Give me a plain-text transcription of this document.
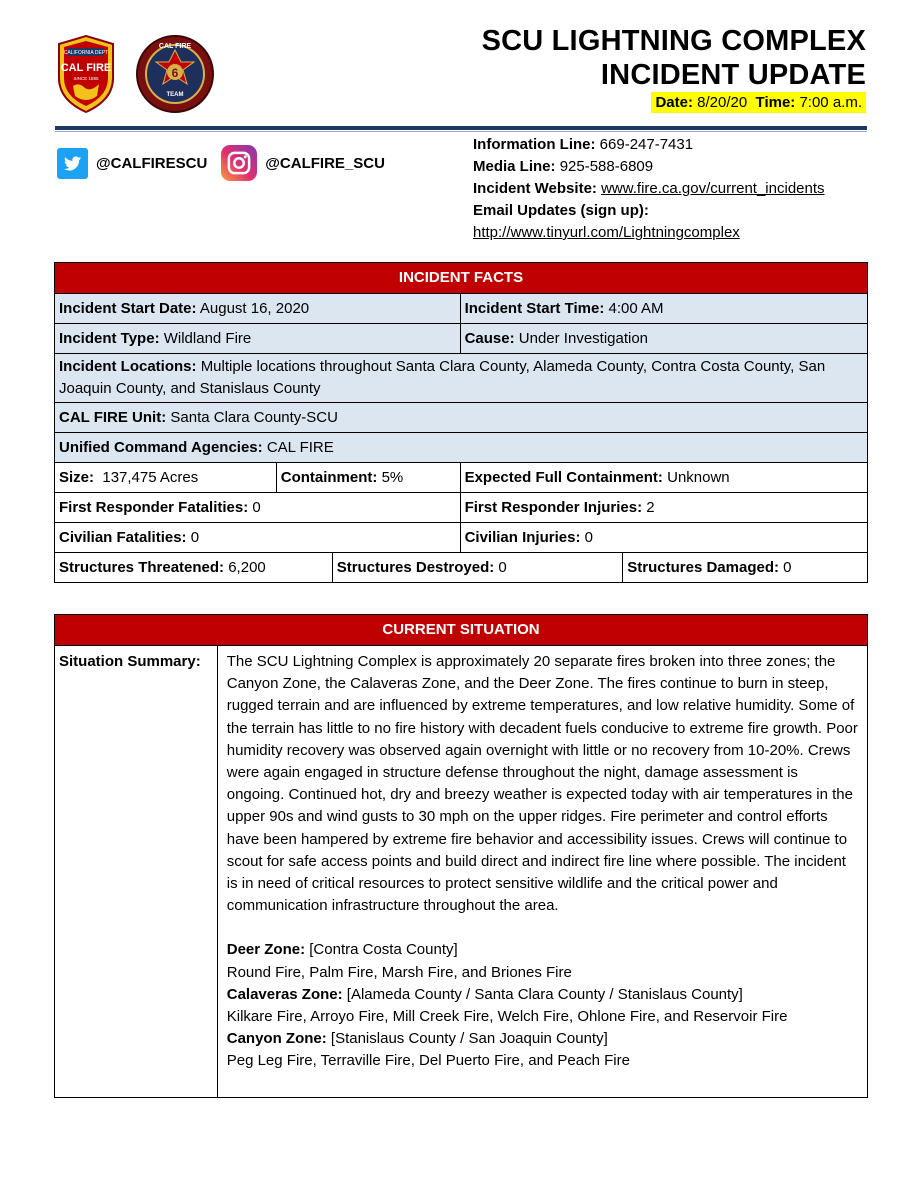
CALIFORNIA DEPT
CAL FIRE
SINCE 1885	6
CAL FIRE
TEAM
SCU LIGHTNING COMPLEX
INCIDENT UPDATE
Date: 8/20/20 Time: 7:00 a.m.
@CALFIRESCU	@CALFIRE_SCU
Information Line: 669-247-7431
Media Line: 925-588-6809
Incident Website: www.fire.ca.gov/current_incidents
Email Updates (sign up):
http://www.tinyurl.com/Lightningcomplex
INCIDENT FACTS				
Incident Start Date: August 16, 2020			Incident Start Time: 4:00 AM	
Incident Type: Wildland Fire			Cause: Under Investigation	
Incident Locations: Multiple locations throughout Santa Clara County, Alameda County, Contra Costa County, San Joaquin County, and Stanislaus County				
CAL FIRE Unit: Santa Clara County-SCU				
Unified Command Agencies: CAL FIRE				
Size: 137,475 Acres	Containment: 5%		Expected Full Containment: Unknown	
First Responder Fatalities: 0			First Responder Injuries: 2	
Civilian Fatalities: 0			Civilian Injuries: 0	
Structures Threatened: 6,200		Structures Destroyed: 0		Structures Damaged: 0
CURRENT SITUATION
Situation Summary:	The SCU Lightning Complex is approximately 20 separate fires broken into three zones; the Canyon Zone, the Calaveras Zone, and the Deer Zone. The fires continue to burn in steep, rugged terrain and are influenced by extreme temperatures, and low relative humidity. Some of the terrain has little to no fire history with decadent fuels conducive to extreme fire growth. Poor humidity recovery was observed again overnight with little or no recovery from 10-20%. Crews were again engaged in structure defense throughout the night, damage assessment is ongoing. Continued hot, dry and breezy weather is expected today with air temperatures in the upper 90s and wind gusts to 30 mph on the upper ridges. Fire perimeter and control efforts have been hampered by extreme fire behavior and accessibility issues. Crews will continue to scout for safe access points and build direct and indirect fire line where possible. The incident is in need of critical resources to protect sensitive wildlife and the critical power and communication infrastructure throughout the area.
Deer Zone: [Contra Costa County]
Round Fire, Palm Fire, Marsh Fire, and Briones Fire
Calaveras Zone: [Alameda County / Santa Clara County / Stanislaus County]
Kilkare Fire, Arroyo Fire, Mill Creek Fire, Welch Fire, Ohlone Fire, and Reservoir Fire
Canyon Zone: [Stanislaus County / San Joaquin County]
Peg Leg Fire, Terraville Fire, Del Puerto Fire, and Peach Fire
